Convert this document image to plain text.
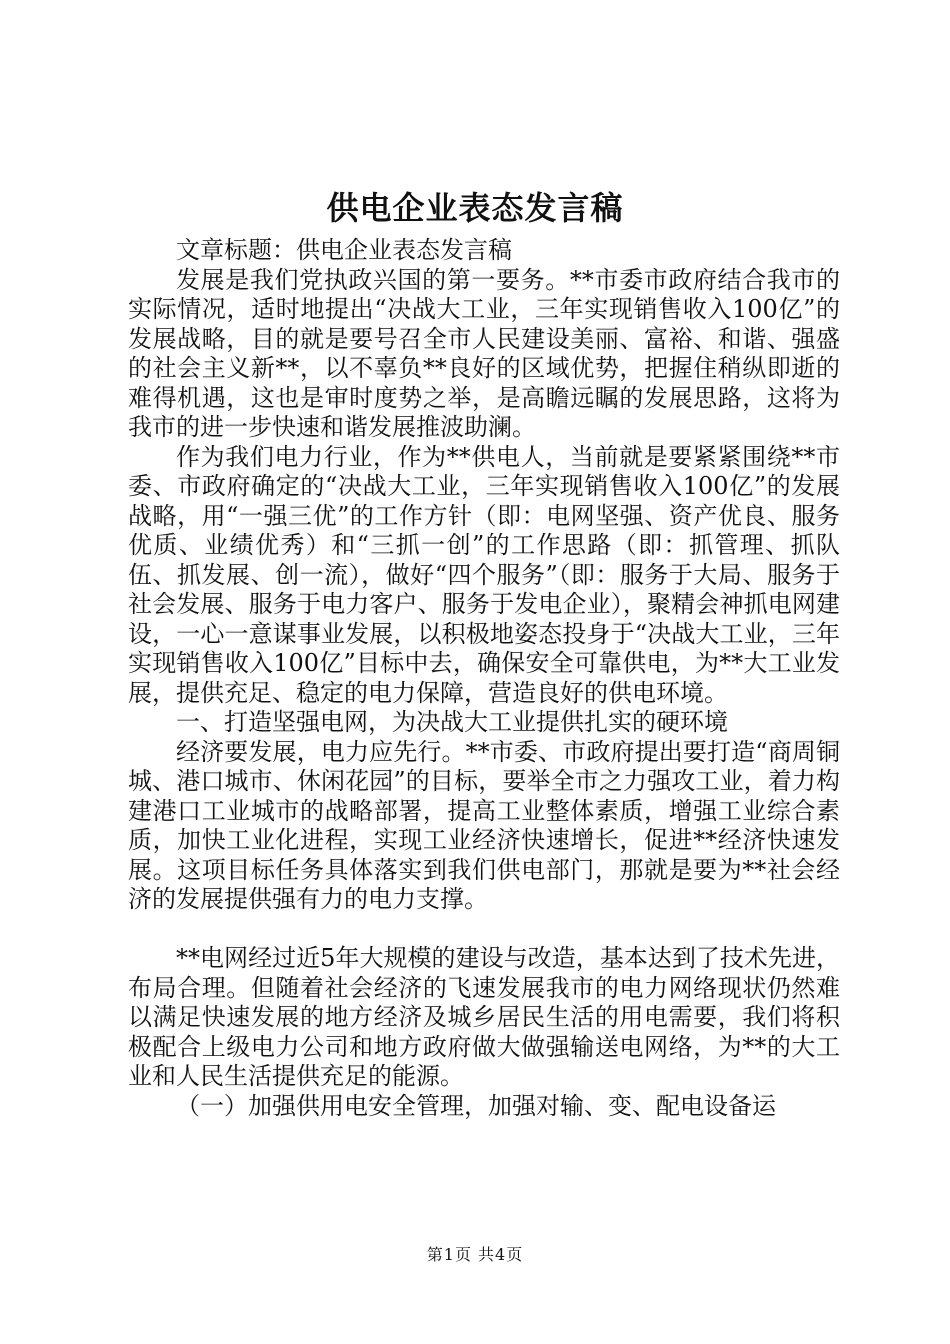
供电企业表态发言稿

文章标题：供电企业表态发言稿

发展是我们党执政兴国的第一要务。**市委市政府结合我市的实际情况，适时地提出“决战大工业，三年实现销售收入100亿”的发展战略，目的就是要号召全市人民建设美丽、富裕、和谐、强盛的社会主义新**，以不辜负**良好的区域优势，把握住稍纵即逝的难得机遇，这也是审时度势之举，是高瞻远瞩的发展思路，这将为我市的进一步快速和谐发展推波助澜。

作为我们电力行业，作为**供电人，当前就是要紧紧围绕**市委、市政府确定的“决战大工业，三年实现销售收入100亿”的发展战略，用“一强三优”的工作方针（即：电网坚强、资产优良、服务优质、业绩优秀）和“三抓一创”的工作思路（即：抓管理、抓队伍、抓发展、创一流），做好“四个服务”（即：服务于大局、服务于社会发展、服务于电力客户、服务于发电企业），聚精会神抓电网建设，一心一意谋事业发展，以积极地姿态投身于“决战大工业，三年实现销售收入100亿”目标中去，确保安全可靠供电，为**大工业发展，提供充足、稳定的电力保障，营造良好的供电环境。

一、打造坚强电网，为决战大工业提供扎实的硬环境

经济要发展，电力应先行。**市委、市政府提出要打造“商周铜城、港口城市、休闲花园”的目标，要举全市之力强攻工业，着力构建港口工业城市的战略部署，提高工业整体素质，增强工业综合素质，加快工业化进程，实现工业经济快速增长，促进**经济快速发展。这项目标任务具体落实到我们供电部门，那就是要为**社会经济的发展提供强有力的电力支撑。

**电网经过近5年大规模的建设与改造，基本达到了技术先进，布局合理。但随着社会经济的飞速发展我市的电力网络现状仍然难以满足快速发展的地方经济及城乡居民生活的用电需要，我们将积极配合上级电力公司和地方政府做大做强输送电网络，为**的大工业和人民生活提供充足的能源。

（一）加强供用电安全管理，加强对输、变、配电设备运

第1页 共4页
